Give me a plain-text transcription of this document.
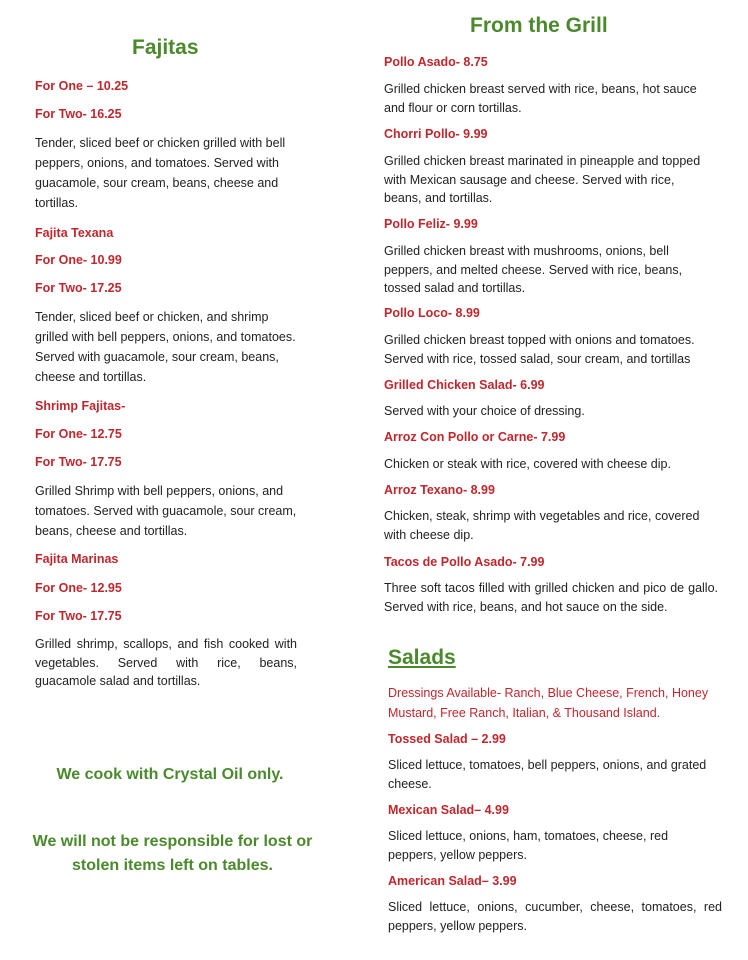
Fajitas
For One – 10.25
For Two- 16.25
Tender, sliced beef or chicken grilled with bell peppers, onions, and tomatoes. Served with guacamole, sour cream, beans, cheese and tortillas.
Fajita Texana
For One- 10.99
For Two- 17.25
Tender, sliced beef or chicken, and shrimp grilled with bell peppers, onions, and tomatoes. Served with guacamole, sour cream, beans, cheese and tortillas.
Shrimp Fajitas-
For One- 12.75
For Two- 17.75
Grilled Shrimp with bell peppers, onions, and tomatoes. Served with guacamole, sour cream, beans, cheese and tortillas.
Fajita Marinas
For One- 12.95
For Two- 17.75
Grilled shrimp, scallops, and fish cooked with vegetables. Served with rice, beans, guacamole salad and tortillas.
We cook with Crystal Oil only.
We will not be responsible for lost or stolen items left on tables.
From the Grill
Pollo Asado- 8.75
Grilled chicken breast served with rice, beans, hot sauce and flour or corn tortillas.
Chorri Pollo- 9.99
Grilled chicken breast marinated in pineapple and topped with Mexican sausage and cheese. Served with rice, beans, and tortillas.
Pollo Feliz- 9.99
Grilled chicken breast with mushrooms, onions, bell peppers, and melted cheese. Served with rice, beans, tossed salad and tortillas.
Pollo Loco- 8.99
Grilled chicken breast topped with onions and tomatoes. Served with rice, tossed salad, sour cream, and tortillas
Grilled Chicken Salad- 6.99
Served with your choice of dressing.
Arroz Con Pollo or Carne- 7.99
Chicken or steak with rice, covered with cheese dip.
Arroz Texano- 8.99
Chicken, steak, shrimp with vegetables and rice, covered with cheese dip.
Tacos de Pollo Asado- 7.99
Three soft tacos filled with grilled chicken and pico de gallo. Served with rice, beans, and hot sauce on the side.
Salads
Dressings Available- Ranch, Blue Cheese, French, Honey Mustard, Free Ranch, Italian, & Thousand Island.
Tossed Salad – 2.99
Sliced lettuce, tomatoes, bell peppers, onions, and grated cheese.
Mexican Salad– 4.99
Sliced lettuce, onions, ham, tomatoes, cheese, red peppers, yellow peppers.
American Salad– 3.99
Sliced lettuce, onions, cucumber, cheese, tomatoes, red peppers, yellow peppers.
